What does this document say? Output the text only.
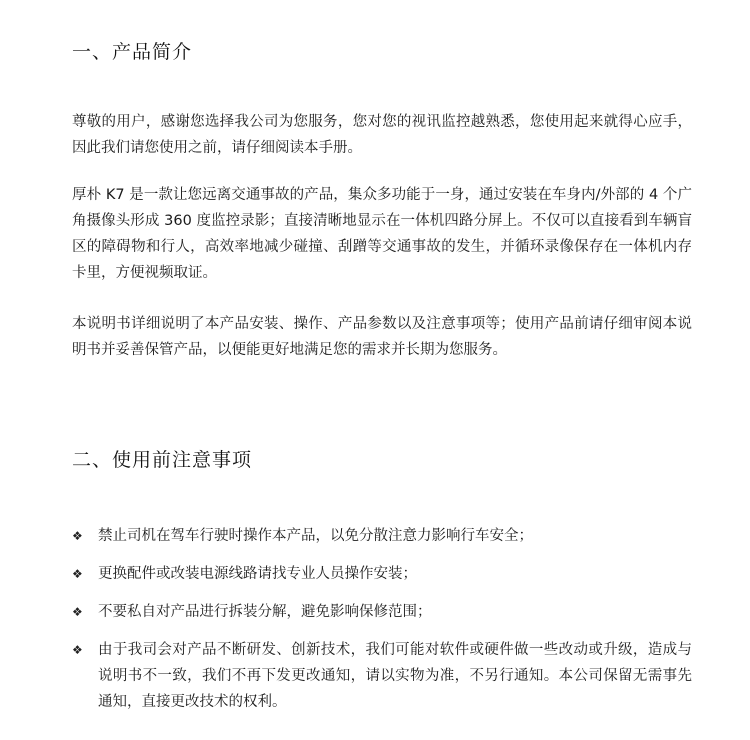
一、产品简介

尊敬的用户，感谢您选择我公司为您服务，您对您的视讯监控越熟悉，您使用起来就得心应手，因此我们请您使用之前，请仔细阅读本手册。

厚朴 K7 是一款让您远离交通事故的产品，集众多功能于一身，通过安装在车身内/外部的 4 个广角摄像头形成 360 度监控录影；直接清晰地显示在一体机四路分屏上。不仅可以直接看到车辆盲区的障碍物和行人，高效率地减少碰撞、刮蹭等交通事故的发生，并循环录像保存在一体机内存卡里，方便视频取证。

本说明书详细说明了本产品安装、操作、产品参数以及注意事项等；使用产品前请仔细审阅本说明书并妥善保管产品，以便能更好地满足您的需求并长期为您服务。

二、使用前注意事项
❖ 禁止司机在驾车行驶时操作本产品，以免分散注意力影响行车安全；
❖ 更换配件或改装电源线路请找专业人员操作安装；
❖ 不要私自对产品进行拆装分解，避免影响保修范围；
❖ 由于我司会对产品不断研发、创新技术，我们可能对软件或硬件做一些改动或升级，造成与说明书不一致，我们不再下发更改通知，请以实物为准，不另行通知。本公司保留无需事先通知，直接更改技术的权利。
